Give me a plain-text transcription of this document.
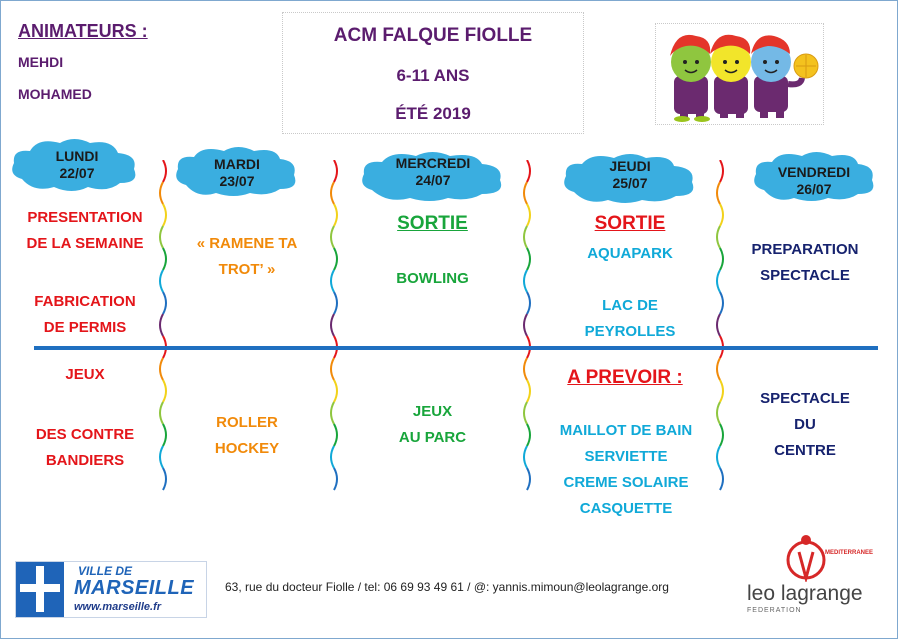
ANIMATEURS :
MEHDI
MOHAMED
ACM FALQUE FIOLLE
6-11 ANS
ÉTÉ 2019
LUNDI
22/07
MARDI
23/07
MERCREDI
24/07
JEUDI
25/07
VENDREDI
26/07
PRESENTATION
DE LA SEMAINE
FABRICATION
DE PERMIS
« RAMENE TA
TROT’ »
SORTIE
BOWLING
SORTIE
AQUAPARK
LAC DE
PEYROLLES
PREPARATION
SPECTACLE
JEUX
DES CONTRE
BANDIERS
ROLLER
HOCKEY
JEUX
AU PARC
A PREVOIR :
MAILLOT DE BAIN
SERVIETTE
CREME SOLAIRE
CASQUETTE
SPECTACLE
DU
CENTRE
VILLE DE
MARSEILLE
www.marseille.fr
63, rue du docteur Fiolle / tel: 06 69 93 49 61 / @: yannis.mimoun@leolagrange.org
MEDITERRANEE
leo lagrange
FEDERATION
